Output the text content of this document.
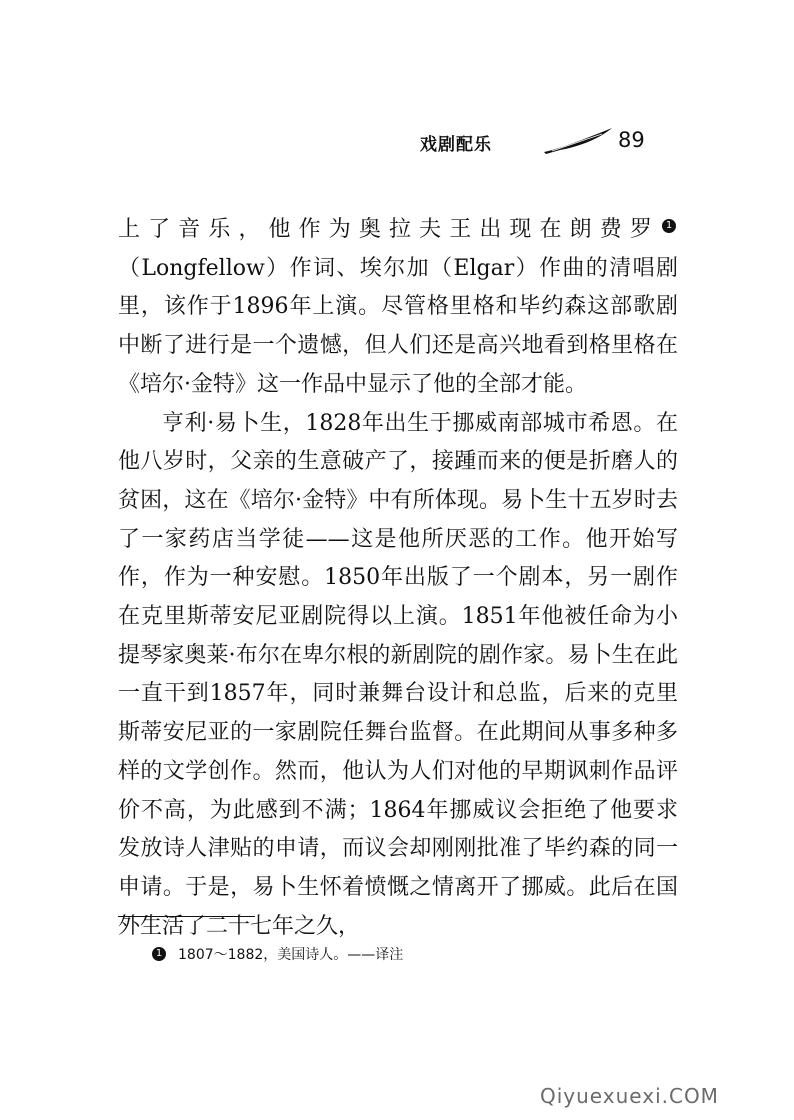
戏剧配乐	89

上了音乐，他作为奥拉夫王出现在朗费罗 1（Longfellow）作词、埃尔加（Elgar）作曲的清唱剧里，该作于1896年上演。尽管格里格和毕约森这部歌剧中断了进行是一个遗憾，但人们还是高兴地看到格里格在《培尔·金特》这一作品中显示了他的全部才能。

亨利·易卜生，1828年出生于挪威南部城市希恩。在他八岁时，父亲的生意破产了，接踵而来的便是折磨人的贫困，这在《培尔·金特》中有所体现。易卜生十五岁时去了一家药店当学徒——这是他所厌恶的工作。他开始写作，作为一种安慰。1850年出版了一个剧本，另一剧作在克里斯蒂安尼亚剧院得以上演。1851年他被任命为小提琴家奥莱·布尔在卑尔根的新剧院的剧作家。易卜生在此一直干到1857年，同时兼舞台设计和总监，后来的克里斯蒂安尼亚的一家剧院任舞台监督。在此期间从事多种多样的文学创作。然而，他认为人们对他的早期讽刺作品评价不高，为此感到不满；1864年挪威议会拒绝了他要求发放诗人津贴的申请，而议会却刚刚批准了毕约森的同一申请。于是，易卜生怀着愤慨之情离开了挪威。此后在国外生活了二十七年之久，

1 1807～1882，美国诗人。——译注
Qiyuexuexi.COM
